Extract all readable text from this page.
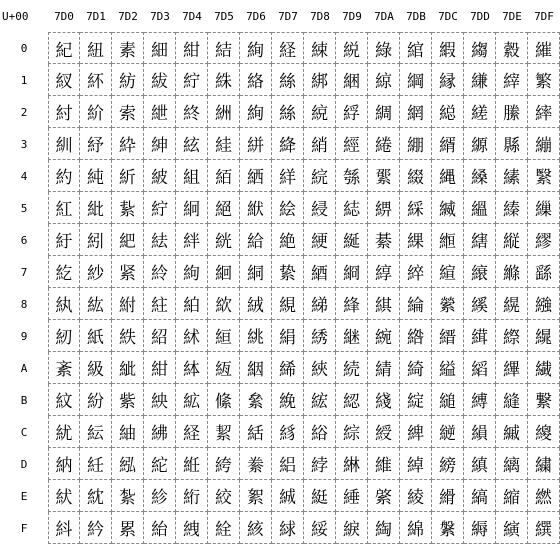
U+00	7D0	7D1	7D2	7D3	7D4	7D5	7D6	7D7	7D8	7D9	7DA	7DB	7DC	7DD	7DE	7DF
0	紀 紐 素 細 紺 結 絢 経 綀 綐 綠 綰 縀 縐 縠 繀
1	紁 紑 紡 紱 紵 絑 絡 絲 綁 綑 綡 綱 縁 縑 縡 繁
2	紂 紒 索 紲 終 絒 絢 絲 綂 綒 綢 網 縂 縒 縢 繂
3	紃 紓 紣 紳 絃 絓 絣 絳 綃 經 綣 綳 縃 縓 縣 繃
4	約 純 紤 紴 組 絔 絤 絴 綄 綔 綤 綴 縄 縔 縤 繄
5	紅 紕 紥 紵 絅 絕 絥 絵 綅 綕 綥 綵 縅 縕 縥 繅
6	紆 紖 紦 紶 絆 絖 給 絶 綆 綖 綦 綶 縆 縖 縦 繆
7	紇 紗 紧 紷 絇 絗 絧 絷 綇 綗 綧 綷 縇 縗 縧 繇
8	紈 紘 紨 紸 絈 絘 絨 絸 綈 綘 綨 綸 縈 縘 縨 繈
9	紉 紙 紩 紹 絉 絙 絩 絹 綉 継 綩 綹 縉 縙 縩 繉
A	紊 級 紪 紺 絊 絚 絪 絺 綊 続 綪 綺 縊 縚 縪 繊
B	紋 紛 紫 紻 絋 絛 絫 絻 綋 綛 綫 綻 縋 縛 縫 繋
C	紌 紜 紬 紼 経 絜 絬 絼 綌 綜 綬 綼 縌 縜 縬 繌
D	納 紝 紭 紽 絍 絝 絭 絽 綍 綝 維 綽 縍 縝 縭 繍
E	紎 紞 紮 紾 絎 絞 絮 絾 綎 綞 綮 綾 縎 縞 縮 繎
F	紏 紟 累 紿 絏 絟 絯 絿 綏 綟 綯 綿 縏 縟 縯 繏
